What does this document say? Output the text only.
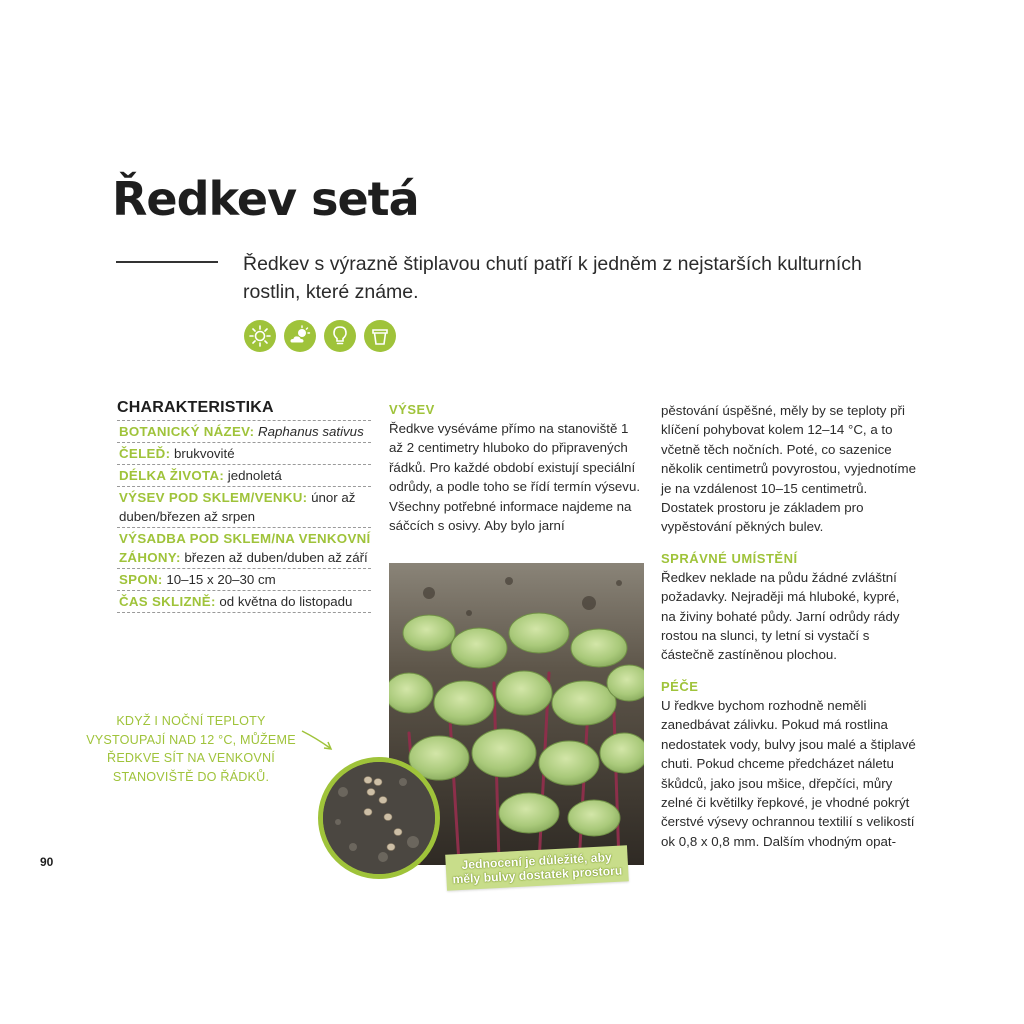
Ředkev setá

Ředkev s výrazně štiplavou chutí patří k jedněm z nejstarších kulturních rostlin, které známe.

CHARAKTERISTIKA
BOTANICKÝ NÁZEV: Raphanus sativus
ČELEĎ: brukvovité
DÉLKA ŽIVOTA: jednoletá
VÝSEV POD SKLEM/VENKU: únor až duben/březen až srpen
VÝSADBA POD SKLEM/NA VENKOVNÍ ZÁHONY: březen až duben/duben až září
SPON: 10–15 x 20–30 cm
ČAS SKLIZNĚ: od května do listopadu
VÝSEV

Ředkve vyséváme přímo na stanoviště 1 až 2 centimetry hluboko do připravených řádků. Pro každé období existují speciální odrůdy, a podle toho se řídí termín výsevu. Všechny potřebné informace najdeme na sáčcích s osivy. Aby bylo jarní

pěstování úspěšné, měly by se teploty při klíčení pohybovat kolem 12–14 °C, a to včetně těch nočních. Poté, co sazenice několik centimetrů povyrostou, vyjednotíme je na vzdálenost 10–15 centimetrů. Dostatek prostoru je základem pro vypěstování pěkných bulev.

SPRÁVNÉ UMÍSTĚNÍ

Ředkev neklade na půdu žádné zvláštní požadavky. Nejraději má hluboké, kypré, na živiny bohaté půdy. Jarní odrůdy rády rostou na slunci, ty letní si vystačí s částečně zastíněnou plochou.

PÉČE

U ředkve bychom rozhodně neměli zanedbávat zálivku. Pokud má rostlina nedostatek vody, bulvy jsou malé a štiplavé chuti. Pokud chceme předcházet náletu škůdců, jako jsou mšice, dřepčíci, můry zelné či květilky řepkové, je vhodné pokrýt čerstvé výsevy ochrannou textilií s velikostí ok 0,8 x 0,8 mm. Dalším vhodným opat-

KDYŽ I NOČNÍ TEPLOTY VYSTOUPAJÍ NAD 12 °C, MŮŽEME ŘEDKVE SÍT NA VENKOVNÍ STANOVIŠTĚ DO ŘÁDKŮ.

Jednocení je důležité, aby měly bulvy dostatek prostoru
90
